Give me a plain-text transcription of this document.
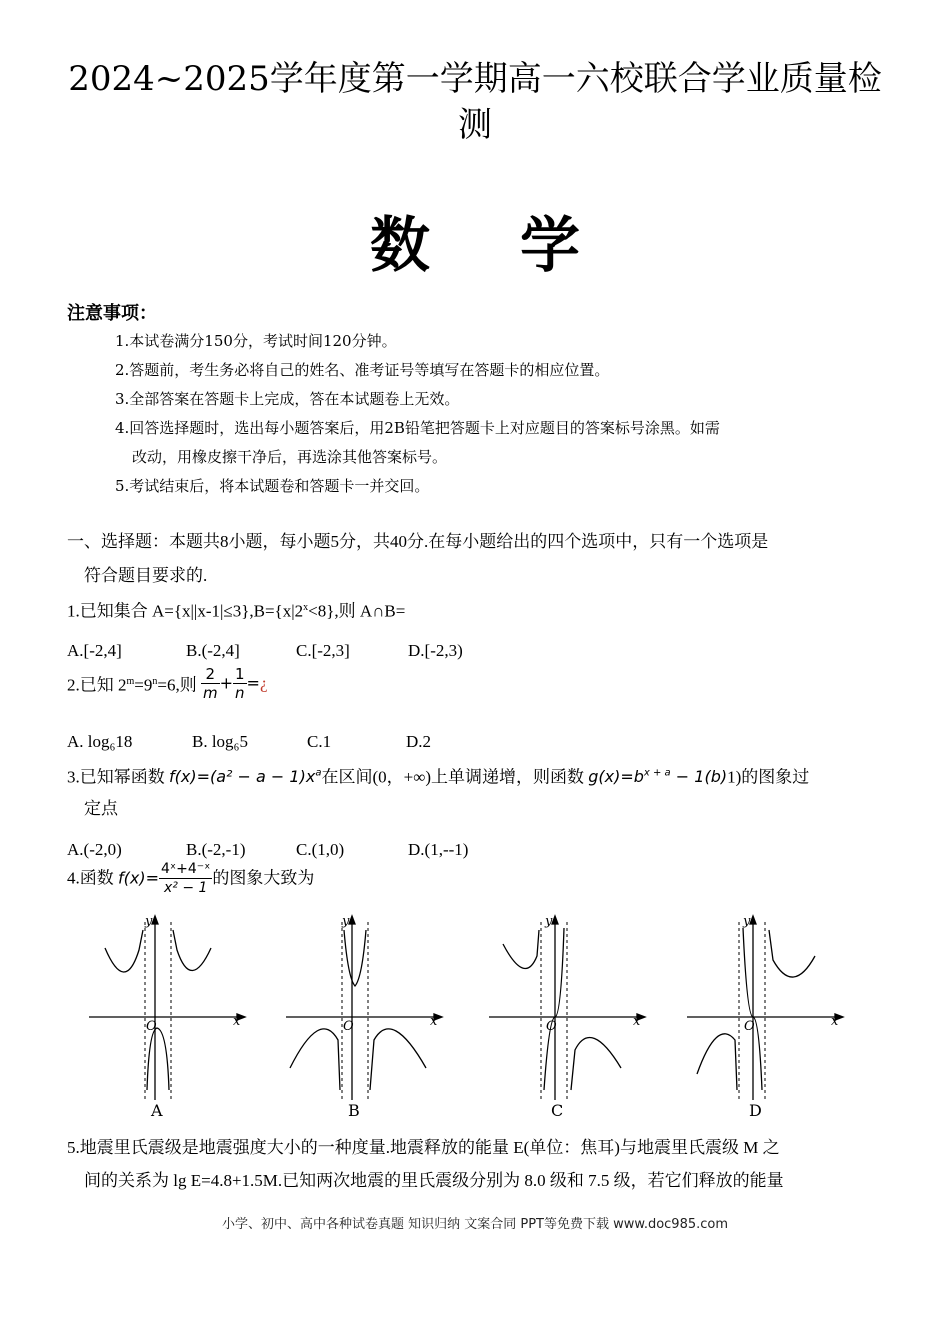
2024~2025学年度第一学期高一六校联合学业质量检
测
数 学
注意事项：
1.本试卷满分150分，考试时间120分钟。
2.答题前，考生务必将自己的姓名、准考证号等填写在答题卡的相应位置。
3.全部答案在答题卡上完成，答在本试题卷上无效。
4.回答选择题时，选出每小题答案后，用2B铅笔把答题卡上对应题目的答案标号涂黑。如需
改动，用橡皮擦干净后，再选涂其他答案标号。
5.考试结束后，将本试题卷和答题卡一并交回。
一、选择题：本题共8小题，每小题5分，共40分.在每小题给出的四个选项中，只有一个选项是
符合题目要求的.
1.已知集合 $A=\{x||x-1|\le 3\},B=\{x|2^x<8\}$,则 A∩B=
A.[-2,4]	B.(-2,4]	C.[-2,3]	D.[-2,3)
2.已知 $2^m=9^n=6$,则 $\frac{2}{m} + \frac{1}{n}$ =¿
A. log₆18	B. log₆5	C.1	D.2
3.已知幂函数 $f(x)=(a^2 - a - 1)x^a$在区间(0，+∞)上单调递增，则函数 $g(x)=b^{x + a} - 1(b)1$)的图象过
定点
A.(-2,0)	B.(-2,-1)	C.(1,0)	D.(1,--1)
4.函数 $f(x)= \frac{\text{4ˣ+4⁻ˣ}}{\text{x² − 1}}$ 的图象大致为
y
x
O
A
y
x
O
B
y
x
O
C
y
x
O
D
5.地震里氏震级是地震强度大小的一种度量.地震释放的能量 E(单位：焦耳)与地震里氏震级 M 之
间的关系为 lg E=4.8+1.5M.已知两次地震的里氏震级分别为 8.0 级和 7.5 级，若它们释放的能量
小学、初中、高中各种试卷真题 知识归纳 文案合同 PPT等免费下载 www.doc985.com
